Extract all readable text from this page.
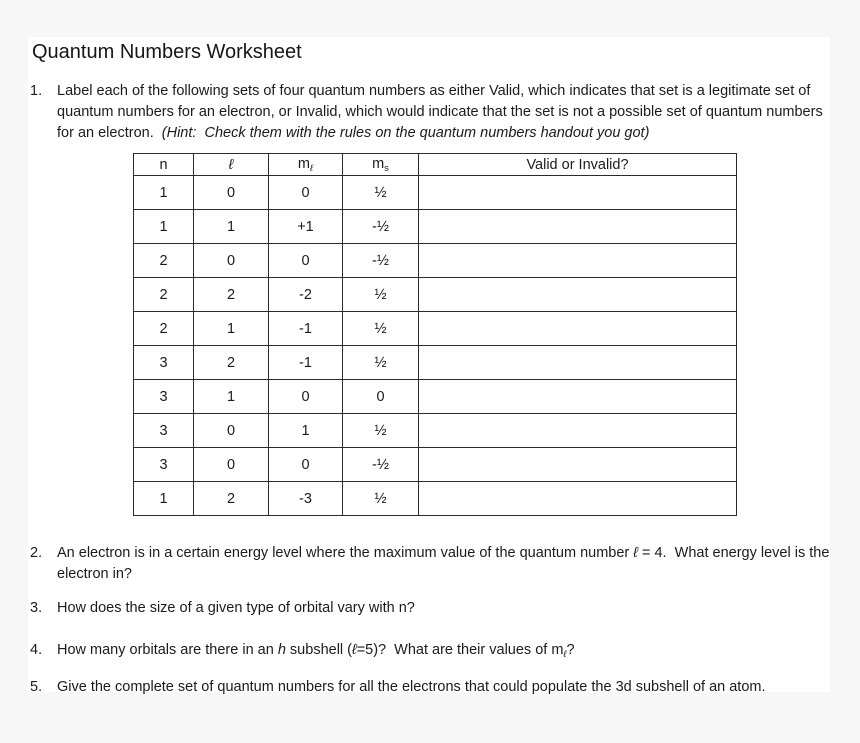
Quantum Numbers Worksheet
1.	Label each of the following sets of four quantum numbers as either Valid, which indicates that set is a legitimate set of quantum numbers for an electron, or Invalid, which would indicate that the set is not a possible set of quantum numbers for an electron.  (Hint:  Check them with the rules on the quantum numbers handout you got)
n	ℓ	$m_\ell$	$m_s$	Valid or Invalid?
1	0	0	½	
1	1	+1	-½	
2	0	0	-½	
2	2	-2	½	
2	1	-1	½	
3	2	-1	½	
3	1	0	0	
3	0	1	½	
3	0	0	-½	
1	2	-3	½	
2.	An electron is in a certain energy level where the maximum value of the quantum number ℓ = 4.  What energy level is the electron in?
3.	How does the size of a given type of orbital vary with n?
4.	How many orbitals are there in an h subshell (ℓ=5)?  What are their values of $m_\ell$?
5.	Give the complete set of quantum numbers for all the electrons that could populate the 3d subshell of an atom.
